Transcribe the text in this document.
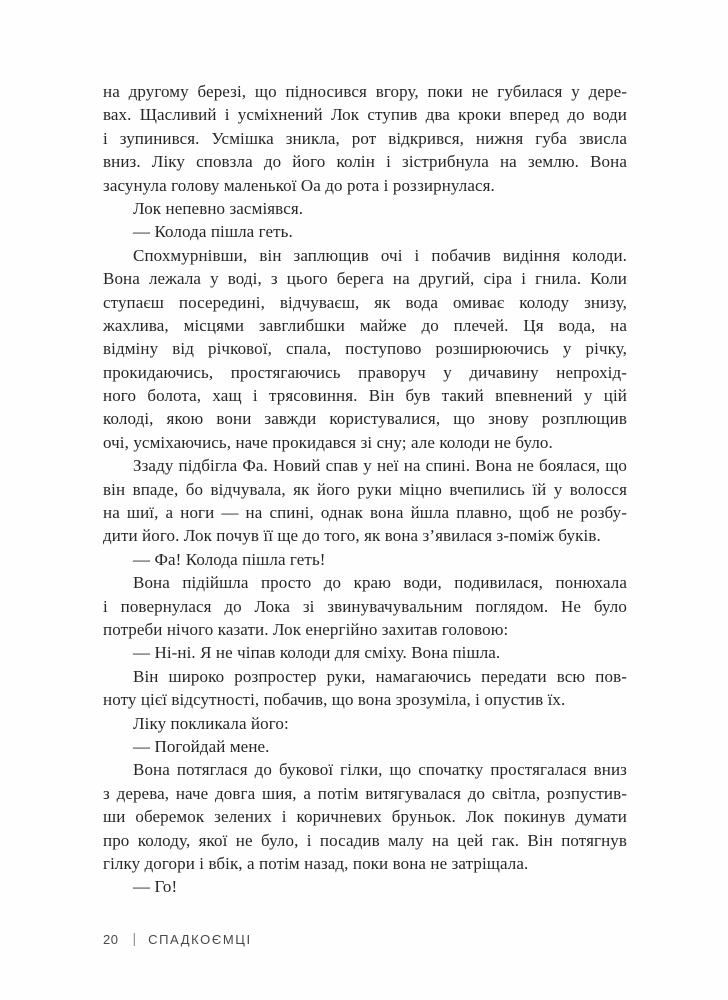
на другому березі, що підносився вгору, поки не губилася у дере-
вах. Щасливий і усміхнений Лок ступив два кроки вперед до води
і зупинився. Усмішка зникла, рот відкрився, нижня губа звисла
вниз. Ліку сповзла до його колін і зістрибнула на землю. Вона
засунула голову маленької Оа до рота і роззирнулася.
Лок непевно засміявся.
— Колода пішла геть.
Спохмурнівши, він заплющив очі і побачив видіння колоди.
Вона лежала у воді, з цього берега на другий, сіра і гнила. Коли
ступаєш посередині, відчуваєш, як вода омиває колоду знизу,
жахлива, місцями завглибшки майже до плечей. Ця вода, на
відміну від річкової, спала, поступово розширюючись у річку,
прокидаючись, простягаючись праворуч у дичавину непрохід-
ного болота, хащ і трясовиння. Він був такий впевнений у цій
колоді, якою вони завжди користувалися, що знову розплющив
очі, усміхаючись, наче прокидався зі сну; але колоди не було.
Ззаду підбігла Фа. Новий спав у неї на спині. Вона не боялася, що
він впаде, бо відчувала, як його руки міцно вчепились їй у волосся
на шиї, а ноги — на спині, однак вона йшла плавно, щоб не розбу-
дити його. Лок почув її ще до того, як вона з’явилася з-поміж буків.
— Фа! Колода пішла геть!
Вона підійшла просто до краю води, подивилася, понюхала
і повернулася до Лока зі звинувачувальним поглядом. Не було
потреби нічого казати. Лок енергійно захитав головою:
— Ні-ні. Я не чіпав колоди для сміху. Вона пішла.
Він широко розпростер руки, намагаючись передати всю пов-
ноту цієї відсутності, побачив, що вона зрозуміла, і опустив їх.
Ліку покликала його:
— Погойдай мене.
Вона потяглася до букової гілки, що спочатку простягалася вниз
з дерева, наче довга шия, а потім витягувалася до світла, розпустив-
ши оберемок зелених і коричневих бруньок. Лок покинув думати
про колоду, якої не було, і посадив малу на цей гак. Він потягнув
гілку догори і вбік, а потім назад, поки вона не затріщала.
— Го!
20 | СПАДКОЄМЦІ
